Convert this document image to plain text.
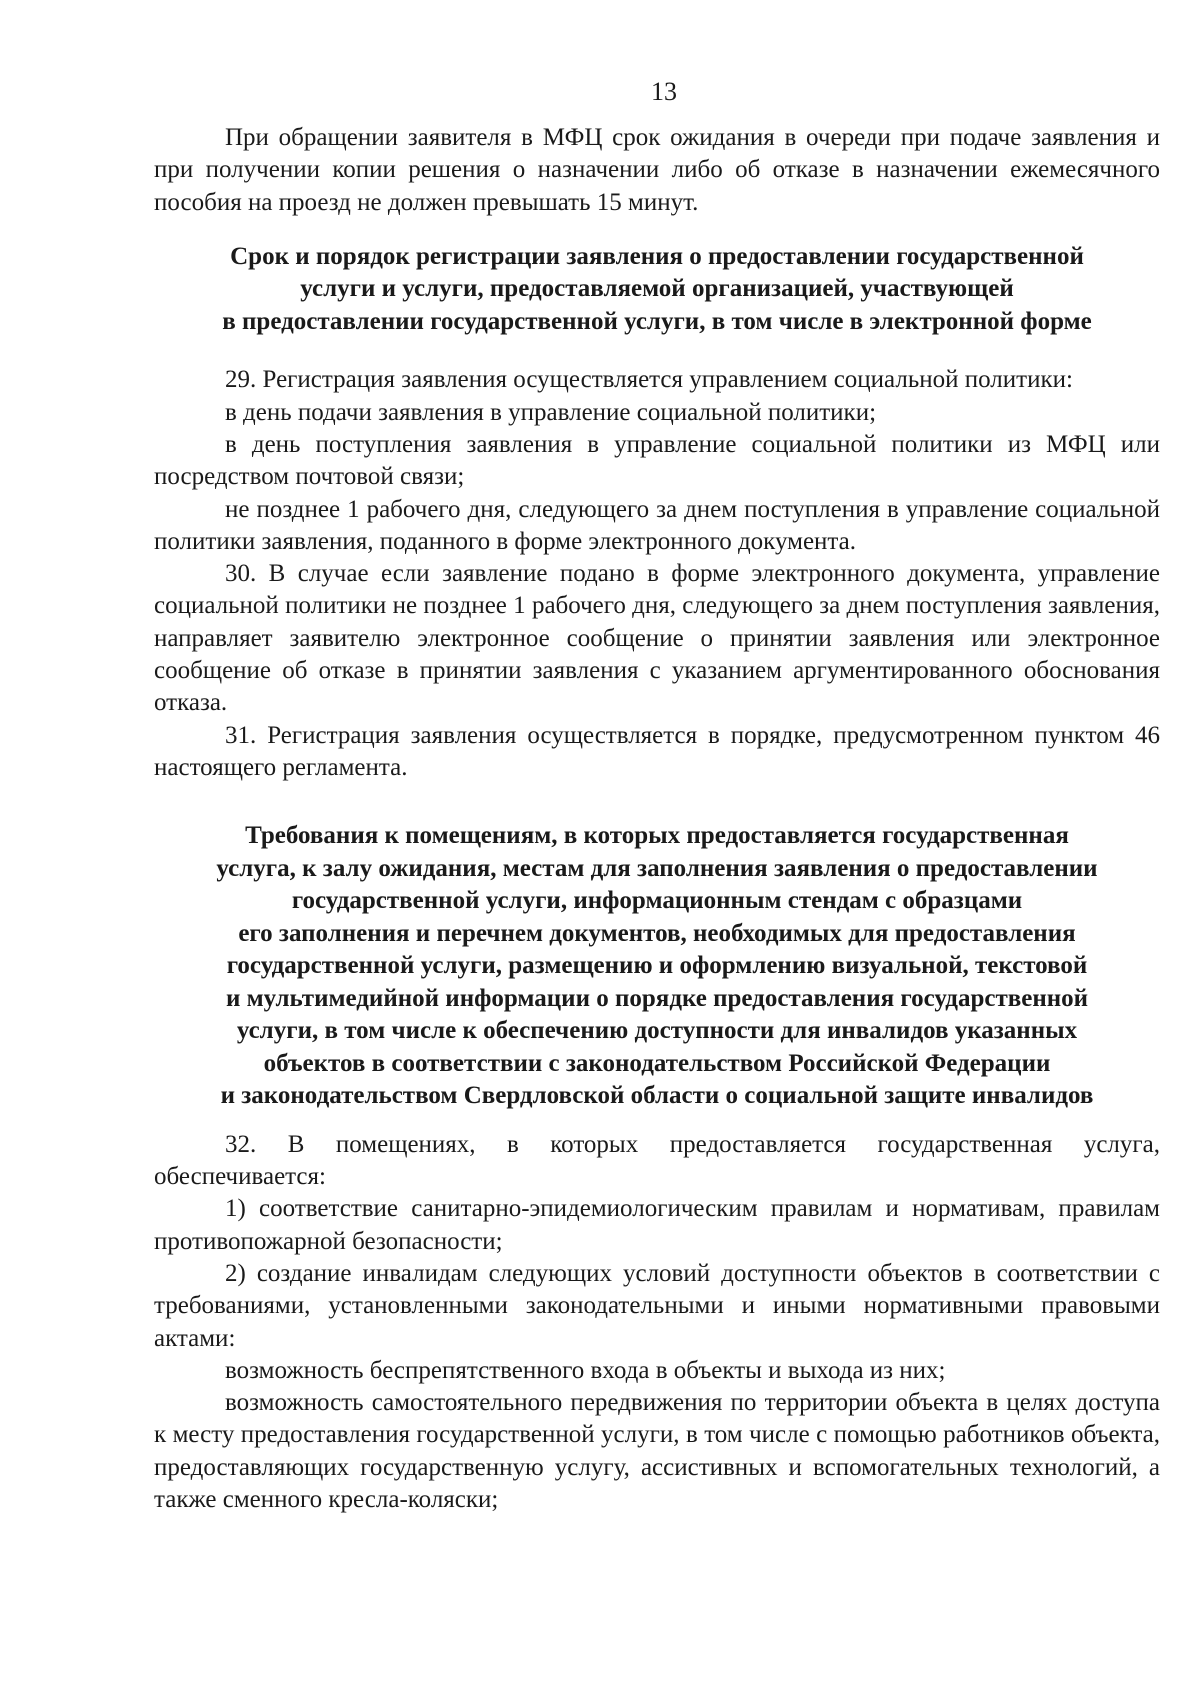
13

При обращении заявителя в МФЦ срок ожидания в очереди при подаче заявления и при получении копии решения о назначении либо об отказе в назначении ежемесячного пособия на проезд не должен превышать 15 минут.

Срок и порядок регистрации заявления о предоставлении государственной
услуги и услуги, предоставляемой организацией, участвующей
в предоставлении государственной услуги, в том числе в электронной форме

29. Регистрация заявления осуществляется управлением социальной политики:

в день подачи заявления в управление социальной политики;

в день поступления заявления в управление социальной политики из МФЦ или посредством почтовой связи;

не позднее 1 рабочего дня, следующего за днем поступления в управление социальной политики заявления, поданного в форме электронного документа.

30. В случае если заявление подано в форме электронного документа, управление социальной политики не позднее 1 рабочего дня, следующего за днем поступления заявления, направляет заявителю электронное сообщение о принятии заявления или электронное сообщение об отказе в принятии заявления с указанием аргументированного обоснования отказа.

31. Регистрация заявления осуществляется в порядке, предусмотренном пунктом 46 настоящего регламента.

Требования к помещениям, в которых предоставляется государственная
услуга, к залу ожидания, местам для заполнения заявления о предоставлении
государственной услуги, информационным стендам с образцами
его заполнения и перечнем документов, необходимых для предоставления
государственной услуги, размещению и оформлению визуальной, текстовой
и мультимедийной информации о порядке предоставления государственной
услуги, в том числе к обеспечению доступности для инвалидов указанных
объектов в соответствии с законодательством Российской Федерации
и законодательством Свердловской области о социальной защите инвалидов

32. В помещениях, в которых предоставляется государственная услуга, обеспечивается:

1) соответствие санитарно-эпидемиологическим правилам и нормативам, правилам противопожарной безопасности;

2) создание инвалидам следующих условий доступности объектов в соответствии с требованиями, установленными законодательными и иными нормативными правовыми актами:

возможность беспрепятственного входа в объекты и выхода из них;

возможность самостоятельного передвижения по территории объекта в целях доступа к месту предоставления государственной услуги, в том числе с помощью работников объекта, предоставляющих государственную услугу, ассистивных и вспомогательных технологий, а также сменного кресла-коляски;
